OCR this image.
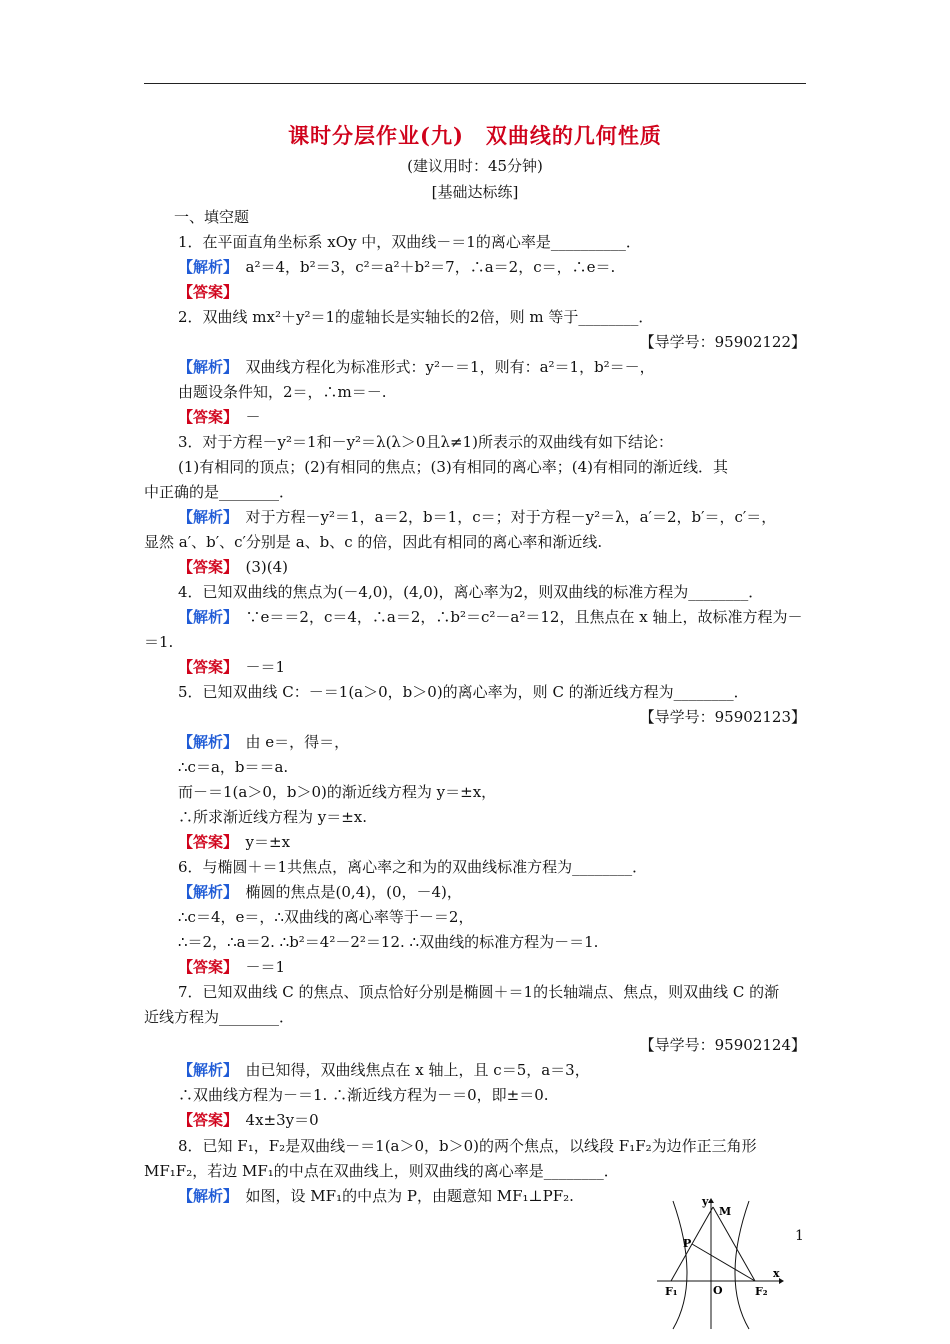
课时分层作业(九)　双曲线的几何性质
(建议用时：45分钟)
[基础达标练]
一、填空题
1．在平面直角坐标系 xOy 中，双曲线－＝1的离心率是__________．
【解析】　 a²＝4，b²＝3，c²＝a²＋b²＝7，∴a＝2，c＝，∴e＝.
【答案】
2．双曲线 mx²＋y²＝1的虚轴长是实轴长的2倍，则 m 等于________．
【导学号：95902122】
【解析】　 双曲线方程化为标准形式：y²－＝1，则有：a²＝1，b²＝－，
由题设条件知，2＝，∴m＝－.
【答案】　 －
3．对于方程－y²＝1和－y²＝λ(λ＞0且λ≠1)所表示的双曲线有如下结论：
(1)有相同的顶点；(2)有相同的焦点；(3)有相同的离心率；(4)有相同的渐近线．其
中正确的是________．
【解析】　 对于方程－y²＝1，a＝2，b＝1，c＝；对于方程－y²＝λ，a′＝2，b′＝，c′＝，
显然 a′、b′、c′分别是 a、b、c 的倍，因此有相同的离心率和渐近线.
【答案】　 (3)(4)
4．已知双曲线的焦点为(－4,0)，(4,0)，离心率为2，则双曲线的标准方程为________．
【解析】　 ∵e＝＝2，c＝4，∴a＝2，∴b²＝c²－a²＝12，且焦点在 x 轴上，故标准方程为－
＝1.
【答案】　 －＝1
5．已知双曲线 C：－＝1(a＞0，b＞0)的离心率为，则 C 的渐近线方程为________．
【导学号：95902123】
【解析】　 由 e＝，得＝，
∴c＝a，b＝＝a.
而－＝1(a＞0，b＞0)的渐近线方程为 y＝±x，
∴所求渐近线方程为 y＝±x.
【答案】　 y＝±x
6．与椭圆＋＝1共焦点，离心率之和为的双曲线标准方程为________．
【解析】　 椭圆的焦点是(0,4)，(0，－4)，
∴c＝4，e＝，∴双曲线的离心率等于－＝2，
∴＝2，∴a＝2. ∴b²＝4²－2²＝12. ∴双曲线的标准方程为－＝1.
【答案】　 －＝1
7．已知双曲线 C 的焦点、顶点恰好分别是椭圆＋＝1的长轴端点、焦点，则双曲线 C 的渐
近线方程为________．
【导学号：95902124】
【解析】　 由已知得，双曲线焦点在 x 轴上，且 c＝5，a＝3，
∴双曲线方程为－＝1. ∴渐近线方程为－＝0，即±＝0.
【答案】　 4x±3y＝0
8．已知 F₁，F₂是双曲线－＝1(a＞0，b＞0)的两个焦点，以线段 F₁F₂为边作正三角形
MF₁F₂，若边 MF₁的中点在双曲线上，则双曲线的离心率是________．
【解析】　 如图，设 MF₁的中点为 P，由题意知 MF₁⊥PF₂.	y
M
P
F₁	O	F₂
x
1
